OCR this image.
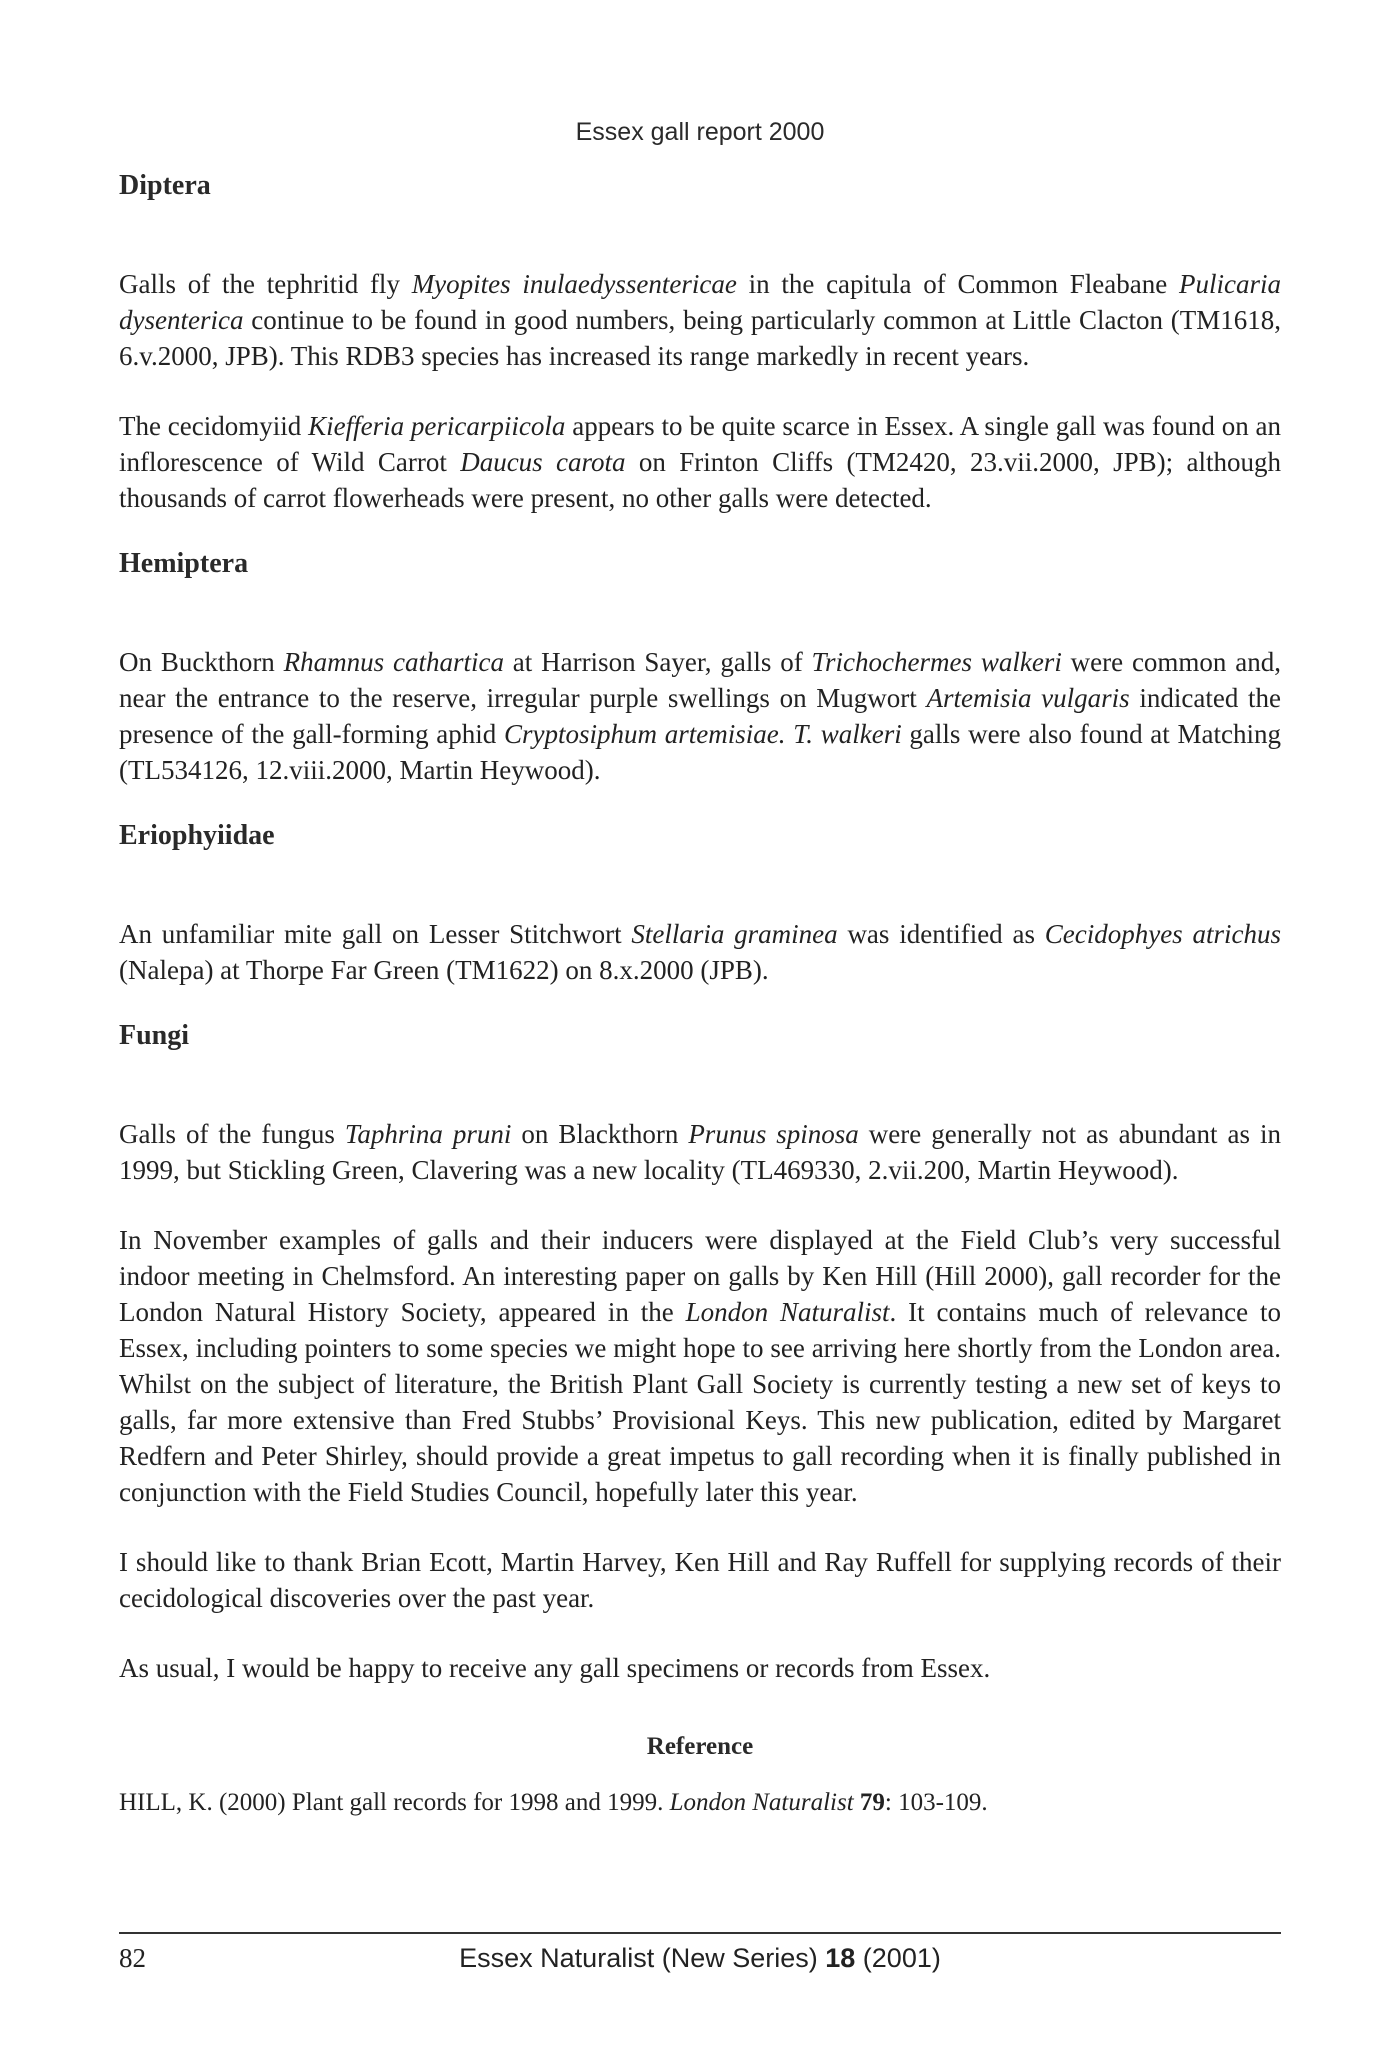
Essex gall report 2000
Diptera

Galls of the tephritid fly Myopites inulaedyssentericae in the capitula of Common Fleabane Pulicaria dysenterica continue to be found in good numbers, being particularly common at Little Clacton (TM1618, 6.v.2000, JPB). This RDB3 species has increased its range markedly in recent years.

The cecidomyiid Kiefferia pericarpiicola appears to be quite scarce in Essex. A single gall was found on an inflorescence of Wild Carrot Daucus carota on Frinton Cliffs (TM2420, 23.vii.2000, JPB); although thousands of carrot flowerheads were present, no other galls were detected.

Hemiptera

On Buckthorn Rhamnus cathartica at Harrison Sayer, galls of Trichochermes walkeri were common and, near the entrance to the reserve, irregular purple swellings on Mugwort Artemisia vulgaris indicated the presence of the gall-forming aphid Cryptosiphum artemisiae. T. walkeri galls were also found at Matching (TL534126, 12.viii.2000, Martin Heywood).

Eriophyiidae

An unfamiliar mite gall on Lesser Stitchwort Stellaria graminea was identified as Cecidophyes atrichus (Nalepa) at Thorpe Far Green (TM1622) on 8.x.2000 (JPB).

Fungi

Galls of the fungus Taphrina pruni on Blackthorn Prunus spinosa were generally not as abundant as in 1999, but Stickling Green, Clavering was a new locality (TL469330, 2.vii.200, Martin Heywood).

In November examples of galls and their inducers were displayed at the Field Club’s very successful indoor meeting in Chelmsford. An interesting paper on galls by Ken Hill (Hill 2000), gall recorder for the London Natural History Society, appeared in the London Naturalist. It contains much of relevance to Essex, including pointers to some species we might hope to see arriving here shortly from the London area. Whilst on the subject of literature, the British Plant Gall Society is currently testing a new set of keys to galls, far more extensive than Fred Stubbs’ Provisional Keys. This new publication, edited by Margaret Redfern and Peter Shirley, should provide a great impetus to gall recording when it is finally published in conjunction with the Field Studies Council, hopefully later this year.

I should like to thank Brian Ecott, Martin Harvey, Ken Hill and Ray Ruffell for supplying records of their cecidological discoveries over the past year.

As usual, I would be happy to receive any gall specimens or records from Essex.

Reference

HILL, K. (2000) Plant gall records for 1998 and 1999. London Naturalist 79: 103-109.

82	Essex Naturalist (New Series) 18 (2001)
